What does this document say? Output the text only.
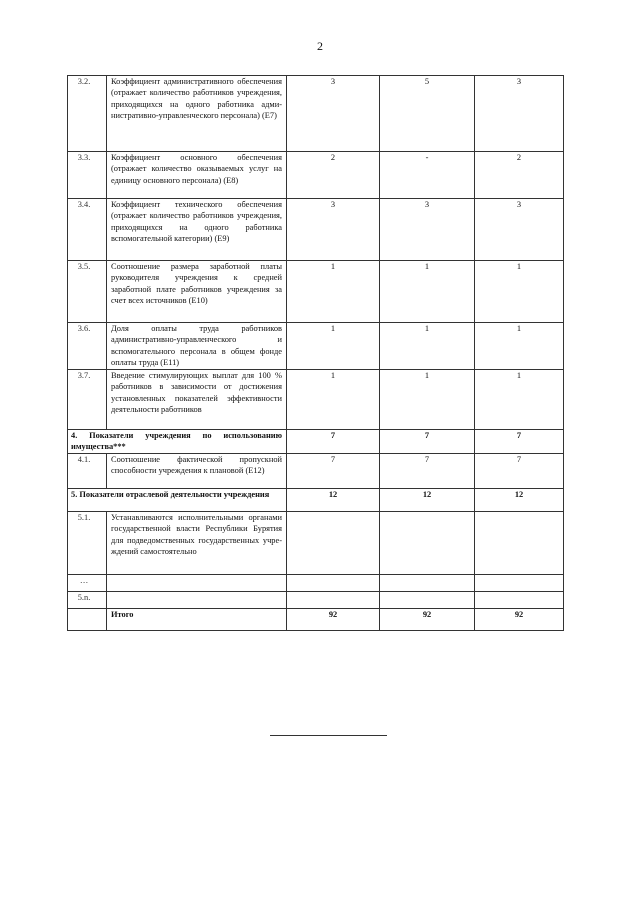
2
3.2.	Коэффициент административного обеспечения (отражает количество работников учреждения, приходящихся на одного работника административно-управленческого персонала) (Е7)	3	5	3
3.3.	Коэффициент основного обеспечения (отражает количество оказываемых услуг на единицу основного персонала) (Е8)	2	-	2
3.4.	Коэффициент технического обеспечения (отражает количество работников учреждения, приходящихся на одного работника вспомогательной категории) (Е9)	3	3	3
3.5.	Соотношение размера заработной платы руководителя учреждения к средней заработной плате работников учреждения за счет всех источников (Е10)	1	1	1
3.6.	Доля оплаты труда работников административно-управленческого и вспомогательного персонала в общем фонде оплаты труда (Е11)	1	1	1
3.7.	Введение стимулирующих выплат для 100 % работников в зависимости от достижения установленных показателей эффективности деятельности работников	1	1	1
4. Показатели учреждения по использованию имущества***		7	7	7
4.1.	Соотношение фактической пропускной способности учреждения к плановой (Е12)	7	7	7
5. Показатели отраслевой деятельности учреждения		12	12	12
5.1.	Устанавливаются исполнительными органами государственной власти Республики Бурятия для подведомственных государственных учреждений самостоятельно			
…				
5.n.				
	Итого	92	92	92
